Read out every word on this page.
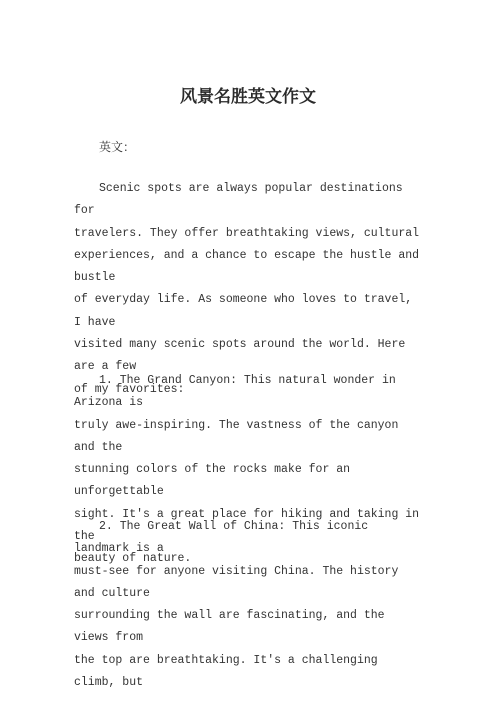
风景名胜英文作文

英文：

Scenic spots are always popular destinations for
travelers. They offer breathtaking views, cultural
experiences, and a chance to escape the hustle and bustle
of everyday life. As someone who loves to travel, I have
visited many scenic spots around the world. Here are a few
of my favorites:

1. The Grand Canyon: This natural wonder in Arizona is
truly awe-inspiring. The vastness of the canyon and the
stunning colors of the rocks make for an unforgettable
sight. It's a great place for hiking and taking in the
beauty of nature.

2. The Great Wall of China: This iconic landmark is a
must-see for anyone visiting China. The history and culture
surrounding the wall are fascinating, and the views from
the top are breathtaking. It's a challenging climb, but
